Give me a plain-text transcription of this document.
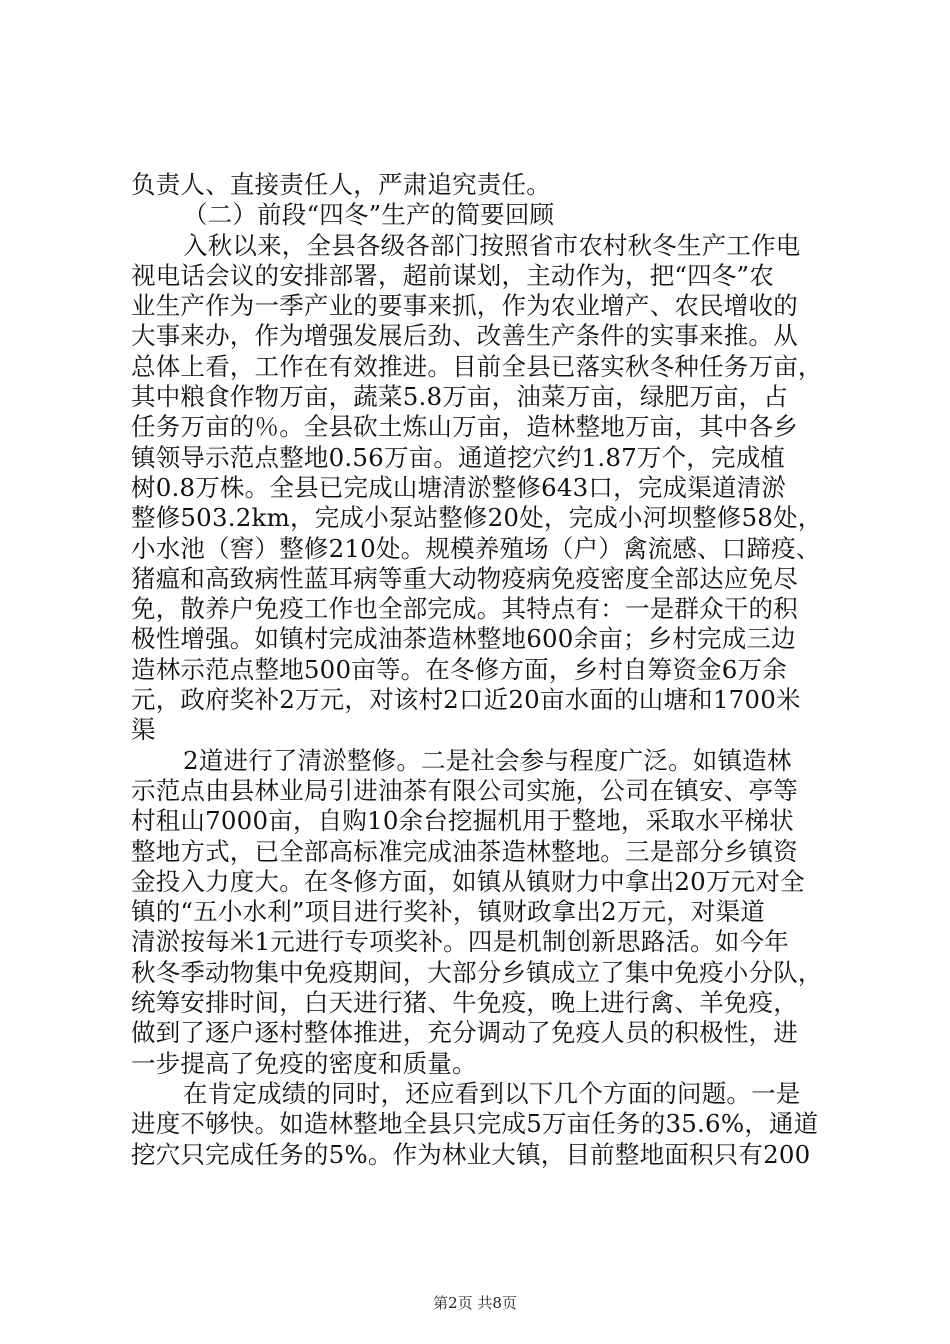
负责人、直接责任人，严肃追究责任。
（二）前段“四冬”生产的简要回顾
入秋以来，全县各级各部门按照省市农村秋冬生产工作电
视电话会议的安排部署，超前谋划，主动作为，把“四冬”农
业生产作为一季产业的要事来抓，作为农业增产、农民增收的
大事来办，作为增强发展后劲、改善生产条件的实事来推。从
总体上看，工作在有效推进。目前全县已落实秋冬种任务万亩，
其中粮食作物万亩，蔬菜5.8万亩，油菜万亩，绿肥万亩，占
任务万亩的％。全县砍土炼山万亩，造林整地万亩，其中各乡
镇领导示范点整地0.56万亩。通道挖穴约1.87万个，完成植
树0.8万株。全县已完成山塘清淤整修643口，完成渠道清淤
整修503.2km，完成小泵站整修20处，完成小河坝整修58处，
小水池（窖）整修210处。规模养殖场（户）禽流感、口蹄疫、
猪瘟和高致病性蓝耳病等重大动物疫病免疫密度全部达应免尽
免，散养户免疫工作也全部完成。其特点有：一是群众干的积
极性增强。如镇村完成油茶造林整地600余亩；乡村完成三边
造林示范点整地500亩等。在冬修方面，乡村自筹资金6万余
元，政府奖补2万元，对该村2口近20亩水面的山塘和1700米
渠
2道进行了清淤整修。二是社会参与程度广泛。如镇造林
示范点由县林业局引进油茶有限公司实施，公司在镇安、亭等
村租山7000亩，自购10余台挖掘机用于整地，采取水平梯状
整地方式，已全部高标准完成油茶造林整地。三是部分乡镇资
金投入力度大。在冬修方面，如镇从镇财力中拿出20万元对全
镇的“五小水利”项目进行奖补，镇财政拿出2万元，对渠道
清淤按每米1元进行专项奖补。四是机制创新思路活。如今年
秋冬季动物集中免疫期间，大部分乡镇成立了集中免疫小分队，
统筹安排时间，白天进行猪、牛免疫，晚上进行禽、羊免疫，
做到了逐户逐村整体推进，充分调动了免疫人员的积极性，进
一步提高了免疫的密度和质量。
在肯定成绩的同时，还应看到以下几个方面的问题。一是
进度不够快。如造林整地全县只完成5万亩任务的35.6%，通道
挖穴只完成任务的5%。作为林业大镇，目前整地面积只有200
第2页 共8页
